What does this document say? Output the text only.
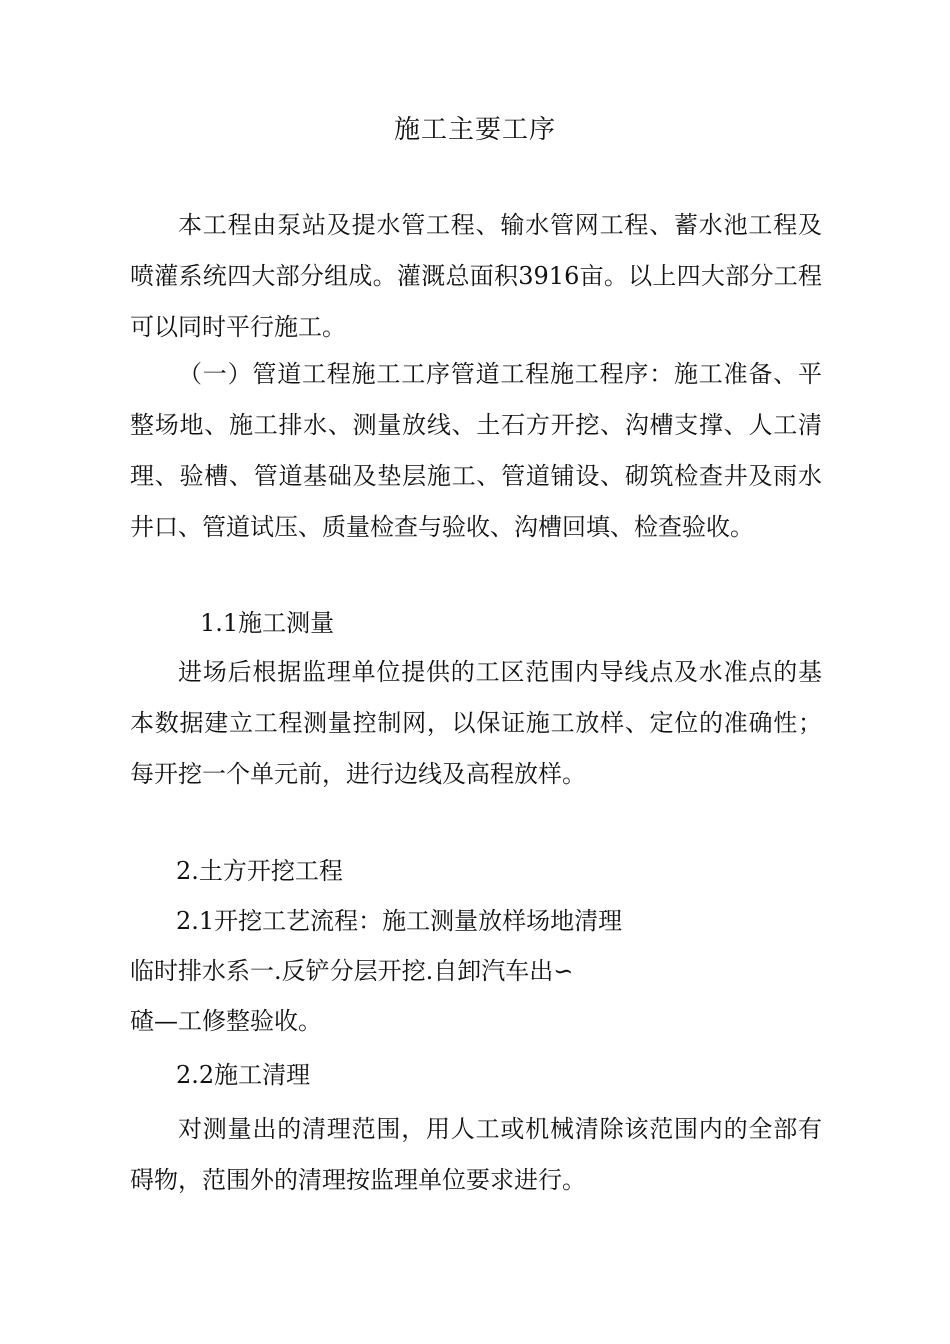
施工主要工序

本工程由泵站及提水管工程、输水管网工程、蓄水池工程及喷灌系统四大部分组成。灌溉总面积3916亩。以上四大部分工程可以同时平行施工。

（一）管道工程施工工序管道工程施工程序：施工准备、平整场地、施工排水、测量放线、土石方开挖、沟槽支撑、人工清理、验槽、管道基础及垫层施工、管道铺设、砌筑检查井及雨水井口、管道试压、质量检查与验收、沟槽回填、检查验收。

1.1施工测量

进场后根据监理单位提供的工区范围内导线点及水准点的基本数据建立工程测量控制网，以保证施工放样、定位的准确性；每开挖一个单元前，进行边线及高程放样。

2.土方开挖工程
2.1开挖工艺流程：施工测量放样场地清理
临时排水系一.反铲分层开挖.自卸汽车出∽
碴—工修整验收。
2.2施工清理

对测量出的清理范围，用人工或机械清除该范围内的全部有碍物，范围外的清理按监理单位要求进行。
